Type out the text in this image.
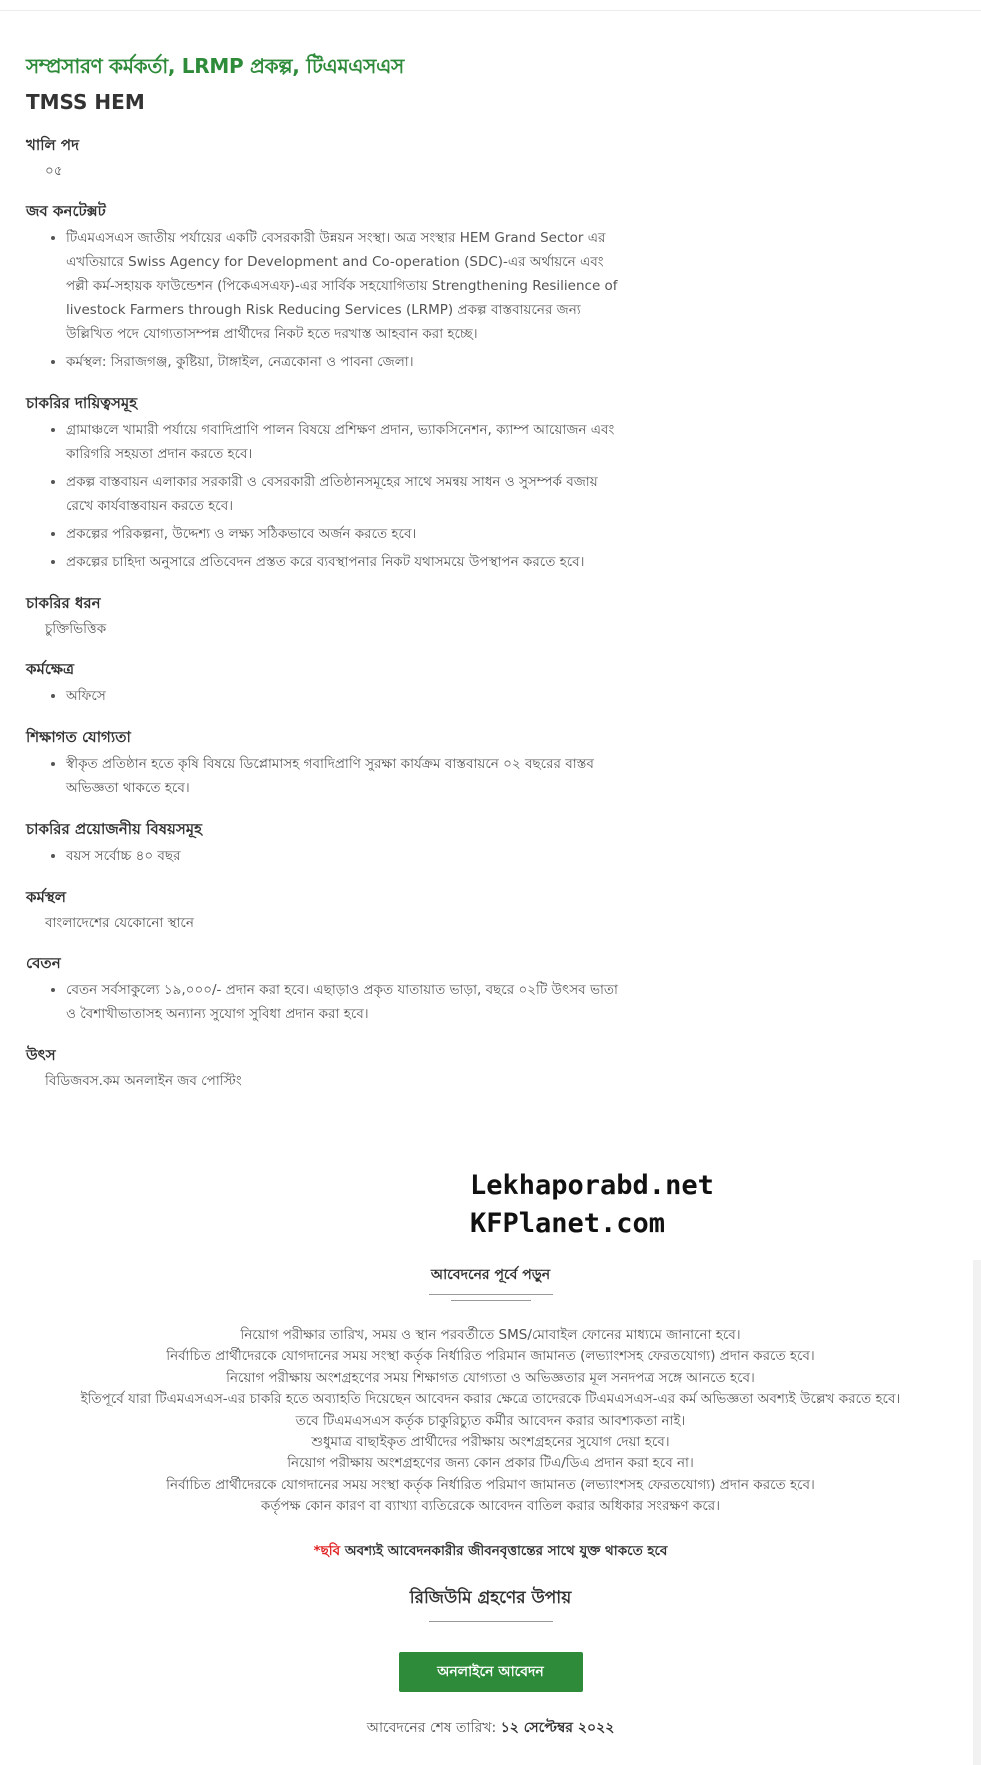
সম্প্রসারণ কর্মকর্তা, LRMP প্রকল্প, টিএমএসএস
TMSS HEM
খালি পদ
০৫
জব কনটেক্সট
• টিএমএসএস জাতীয় পর্যায়ের একটি বেসরকারী উন্নয়ন সংস্থা। অত্র সংস্থার HEM Grand Sector এর এখতিয়ারে Swiss Agency for Development and Co-operation (SDC)-এর অর্থায়নে এবং পল্লী কর্ম-সহায়ক ফাউন্ডেশন (পিকেএসএফ)-এর সার্বিক সহযোগিতায় Strengthening Resilience of livestock Farmers through Risk Reducing Services (LRMP) প্রকল্প বাস্তবায়নের জন্য উল্লিখিত পদে যোগ্যতাসম্পন্ন প্রার্থীদের নিকট হতে দরখাস্ত আহবান করা হচ্ছে।
• কর্মস্থল: সিরাজগঞ্জ, কুষ্টিয়া, টাঙ্গাইল, নেত্রকোনা ও পাবনা জেলা।
চাকরির দায়িত্বসমূহ
• গ্রামাঞ্চলে খামারী পর্যায়ে গবাদিপ্রাণি পালন বিষয়ে প্রশিক্ষণ প্রদান, ভ্যাকসিনেশন, ক্যাম্প আয়োজন এবং কারিগরি সহয়তা প্রদান করতে হবে।
• প্রকল্প বাস্তবায়ন এলাকার সরকারী ও বেসরকারী প্রতিষ্ঠানসমূহের সাথে সমন্বয় সাধন ও সুসম্পর্ক বজায় রেখে কার্যবাস্তবায়ন করতে হবে।
• প্রকল্পের পরিকল্পনা, উদ্দেশ্য ও লক্ষ্য সঠিকভাবে অর্জন করতে হবে।
• প্রকল্পের চাহিদা অনুসারে প্রতিবেদন প্রস্তত করে ব্যবস্থাপনার নিকট যথাসময়ে উপস্থাপন করতে হবে।
চাকরির ধরন
চুক্তিভিত্তিক
কর্মক্ষেত্র
• অফিসে
শিক্ষাগত যোগ্যতা
• স্বীকৃত প্রতিষ্ঠান হতে কৃষি বিষয়ে ডিপ্লোমাসহ গবাদিপ্রাণি সুরক্ষা কার্যক্রম বাস্তবায়নে ০২ বছরের বাস্তব অভিজ্ঞতা থাকতে হবে।
চাকরির প্রয়োজনীয় বিষয়সমূহ
• বয়স সর্বোচ্চ ৪০ বছর
কর্মস্থল
বাংলাদেশের যেকোনো স্থানে
বেতন
• বেতন সর্বসাকুল্যে ১৯,০০০/- প্রদান করা হবে। এছাড়াও প্রকৃত যাতায়াত ভাড়া, বছরে ০২টি উৎসব ভাতা ও বৈশাখীভাতাসহ অন্যান্য সুযোগ সুবিধা প্রদান করা হবে।
উৎস
বিডিজবস.কম অনলাইন জব পোস্টিং
Lekhaporabd.net
KFPlanet.com
আবেদনের পূর্বে পড়ুন
নিয়োগ পরীক্ষার তারিখ, সময় ও স্থান পরবর্তীতে SMS/মোবাইল ফোনের মাধ্যমে জানানো হবে।
নির্বাচিত প্রার্থীদেরকে যোগদানের সময় সংস্থা কর্তৃক নির্ধারিত পরিমান জামানত (লভ্যাংশসহ ফেরতযোগ্য) প্রদান করতে হবে।
নিয়োগ পরীক্ষায় অংশগ্রহণের সময় শিক্ষাগত যোগ্যতা ও অভিজ্ঞতার মূল সনদপত্র সঙ্গে আনতে হবে।
ইতিপূর্বে যারা টিএমএসএস-এর চাকরি হতে অব্যাহতি দিয়েছেন আবেদন করার ক্ষেত্রে তাদেরকে টিএমএসএস-এর কর্ম অভিজ্ঞতা অবশ্যই উল্লেখ করতে হবে।
তবে টিএমএসএস কর্তৃক চাকুরিচ্যুত কর্মীর আবেদন করার আবশ্যকতা নাই।
শুধুমাত্র বাছাইকৃত প্রার্থীদের পরীক্ষায় অংশগ্রহনের সুযোগ দেয়া হবে।
নিয়োগ পরীক্ষায় অংশগ্রহণের জন্য কোন প্রকার টিএ/ডিএ প্রদান করা হবে না।
নির্বাচিত প্রার্থীদেরকে যোগদানের সময় সংস্থা কর্তৃক নির্ধারিত পরিমাণ জামানত (লভ্যাংশসহ ফেরতযোগ্য) প্রদান করতে হবে।
কর্তৃপক্ষ কোন কারণ বা ব্যাখ্যা ব্যতিরেকে আবেদন বাতিল করার অধিকার সংরক্ষণ করে।
*ছবি অবশ্যই আবেদনকারীর জীবনবৃত্তান্তের সাথে যুক্ত থাকতে হবে
রিজিউমি গ্রহণের উপায়
অনলাইনে আবেদন
আবেদনের শেষ তারিখ: ১২ সেপ্টেম্বর ২০২২
